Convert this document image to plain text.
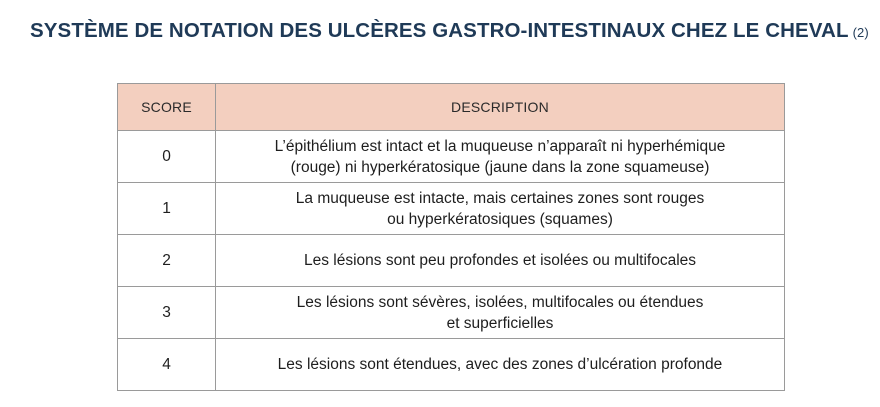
SYSTÈME DE NOTATION DES ULCÈRES GASTRO-INTESTINAUX CHEZ LE CHEVAL (2)
SCORE	DESCRIPTION
0	L’épithélium est intact et la muqueuse n’apparaît ni hyperhémique
(rouge) ni hyperkératosique (jaune dans la zone squameuse)

1	La muqueuse est intacte, mais certaines zones sont rouges
ou hyperkératosiques (squames)

2	Les lésions sont peu profondes et isolées ou multifocales

3	Les lésions sont sévères, isolées, multifocales ou étendues
et superficielles

4	Les lésions sont étendues, avec des zones d’ulcération profonde
